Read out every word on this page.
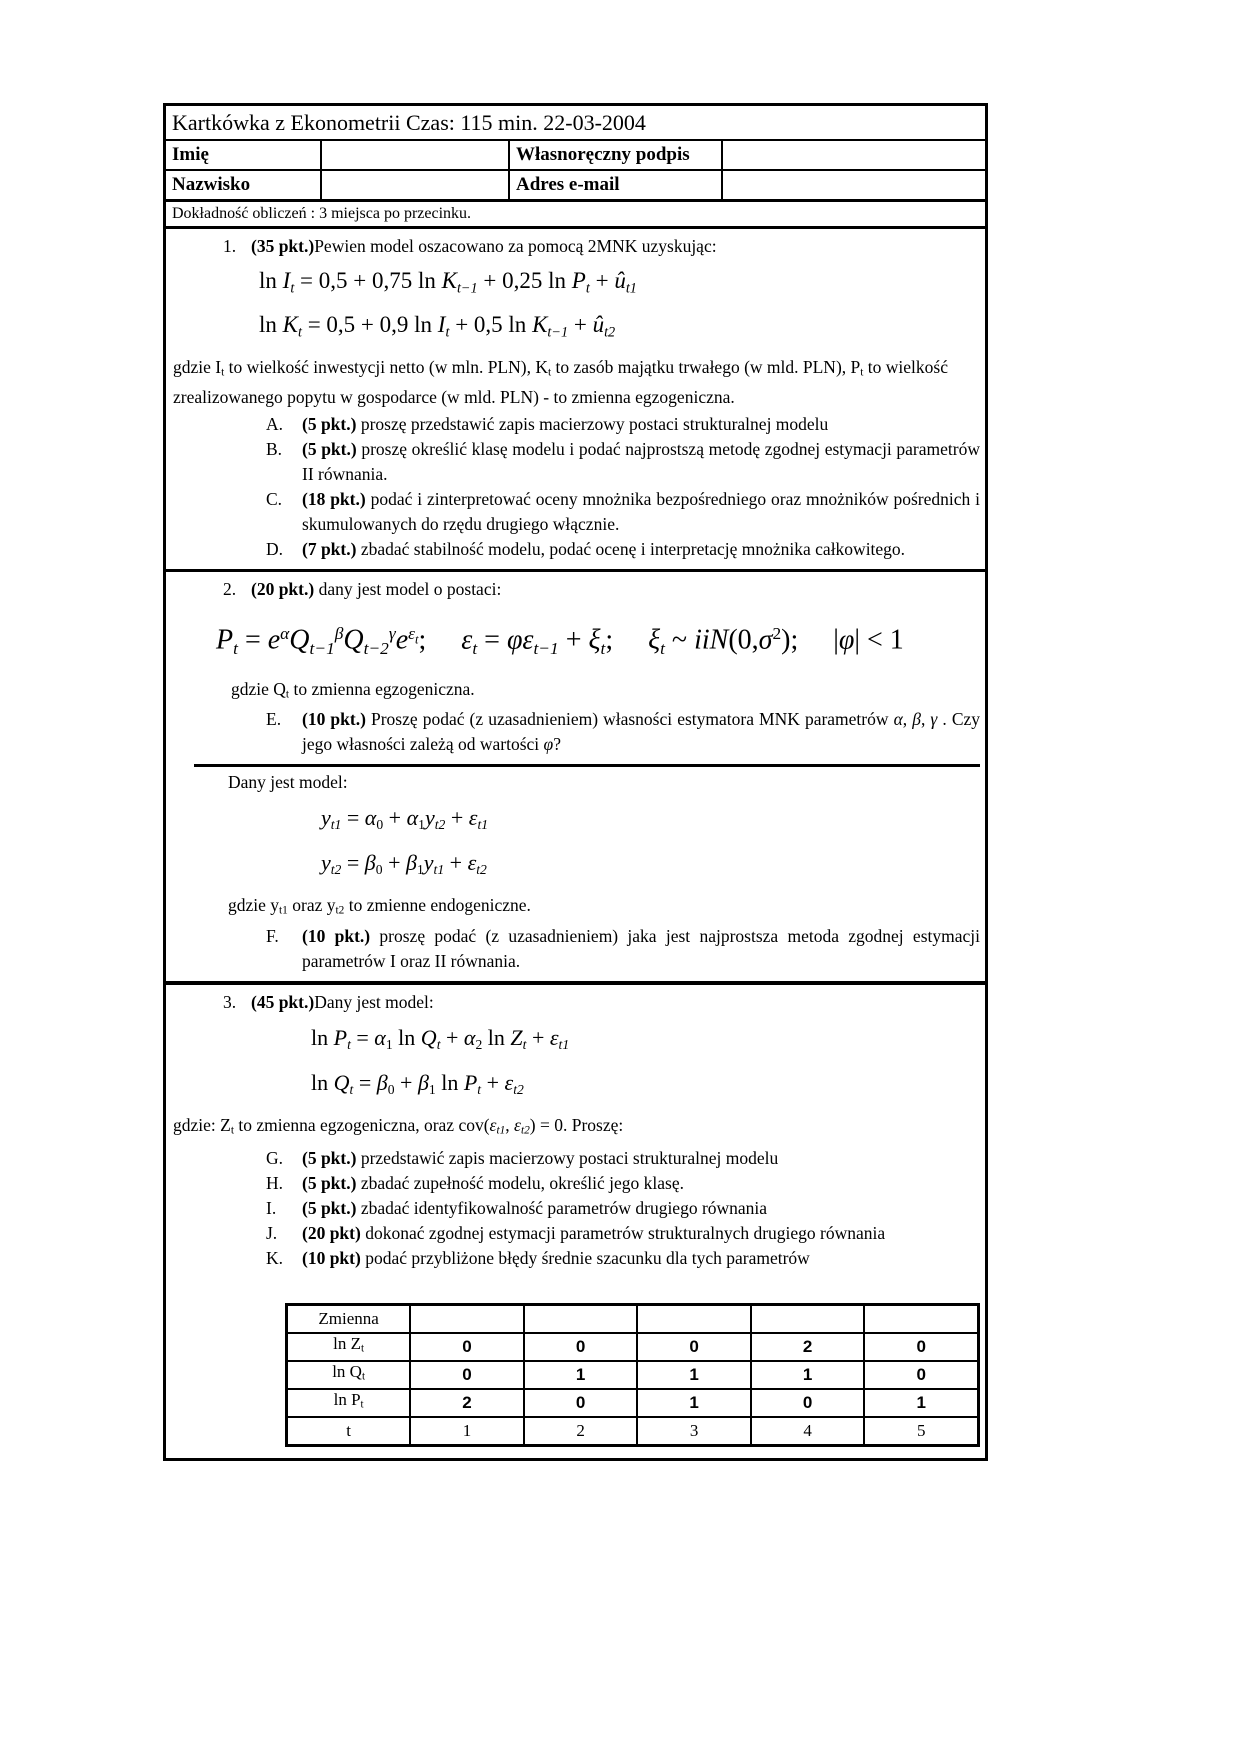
Kartkówka z Ekonometrii Czas: 115 min. 22-03-2004
Imię	Własnoręczny podpis
Nazwisko	Adres e-mail
Dokładność obliczeń : 3 miejsca po przecinku.
1. (35 pkt.)Pewien model oszacowano za pomocą 2MNK uzyskując:
$\ln I_t = 0,5 + 0,75$ $\ln K_{t-1} + 0,25$ $\ln P_t$ + $û_{t1}$
$\ln K_t = 0,5 + 0,9$ $\ln I_t + 0,5$ $\ln K_{t-1}$ + $û_{t2}$

gdzie $I_t$ to wielkość inwestycji netto (w mln. PLN), $K_t$ to zasób majątku trwałego (w mld. PLN), $P_t$ to wielkość zrealizowanego popytu w gospodarce (w mld. PLN) - to zmienna egzogeniczna.

A.	(5 pkt.) proszę przedstawić zapis macierzowy postaci strukturalnej modelu
B.	(5 pkt.) proszę określić klasę modelu i podać najprostszą metodę zgodnej estymacji parametrów II równania.
C.	(18 pkt.) podać i zinterpretować oceny mnożnika bezpośredniego oraz mnożników pośrednich i skumulowanych do rzędu drugiego włącznie.
D.	(7 pkt.) zbadać stabilność modelu, podać ocenę i interpretację mnożnika całkowitego.
2. (20 pkt.) dany jest model o postaci:
$P_t = e^\alpha Q_{t-1}^\beta Q_{t-2}^\gamma e^\varepsilon t$;  $\varepsilon_t = \varphi\varepsilon_{t-1} + \xi_t$;  $\xi_t$ ~ $iiN(0,\sigma^2)$;  |φ| < 1
gdzie $Q_t$ to zmienna egzogeniczna.
E.	(10 pkt.) Proszę podać (z uzasadnieniem) własności estymatora MNK parametrów α, β, γ . Czy jego własności zależą od wartości φ?
Dany jest model:
$y_{t1} = \alpha_0 + \alpha_1y_{t2} + \varepsilon_{t1}$
$y_{t2} = \beta_0 + \beta_1y_{t1} + \varepsilon_{t2}$
gdzie $y_{t1}$ oraz $y_{t2}$ to zmienne endogeniczne.
F.	(10 pkt.) proszę podać (z uzasadnieniem) jaka jest najprostsza metoda zgodnej estymacji parametrów I oraz II równania.
3. (45 pkt.)Dany jest model:
$\ln P_t = \alpha_1$ $\ln Q_t + \alpha_2$ $\ln Z_t + \varepsilon_{t1}$
$\ln Q_t = \beta_0 + \beta_1$ $\ln P_t + \varepsilon_{t2}$

gdzie: $Z_t$ to zmienna egzogeniczna, oraz $cov(\varepsilon_{t1}$, $\varepsilon_{t2}) = 0$. Proszę:

G.	(5 pkt.) przedstawić zapis macierzowy postaci strukturalnej modelu
H.	(5 pkt.) zbadać zupełność modelu, określić jego klasę.
I.	(5 pkt.) zbadać identyfikowalność parametrów drugiego równania
J.	(20 pkt) dokonać zgodnej estymacji parametrów strukturalnych drugiego równania
K.	(10 pkt) podać przybliżone błędy średnie szacunku dla tych parametrów
Zmienna					
$\ln Z_t$	0	0	0	2	0
$\ln Q_t$	0	1	1	1	0
$\ln P_t$	2	0	1	0	1
t	1	2	3	4	5
